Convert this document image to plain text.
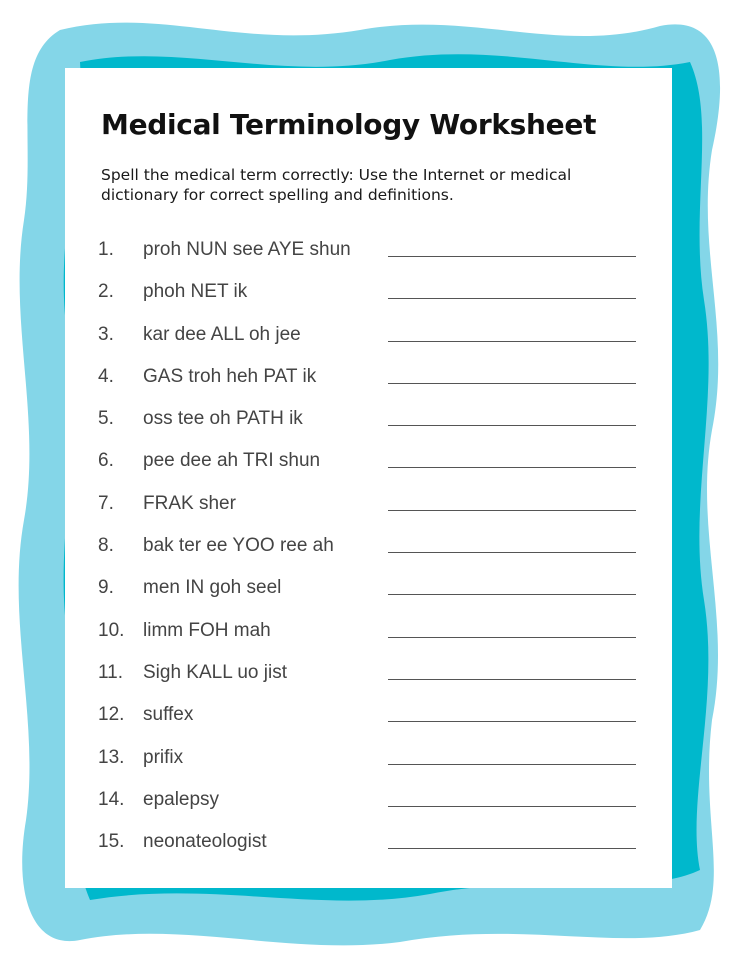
Medical Terminology Worksheet

Spell the medical term correctly: Use the Internet or medical dictionary for correct spelling and definitions.

1. proh NUN see AYE shun
2. phoh NET ik
3. kar dee ALL oh jee
4. GAS troh heh PAT ik
5. oss tee oh PATH ik
6. pee dee ah TRI shun
7. FRAK sher
8. bak ter ee YOO ree ah
9. men IN goh seel
10. limm FOH mah
11. Sigh KALL uo jist
12. suffex
13. prifix
14. epalepsy
15. neonateologist
